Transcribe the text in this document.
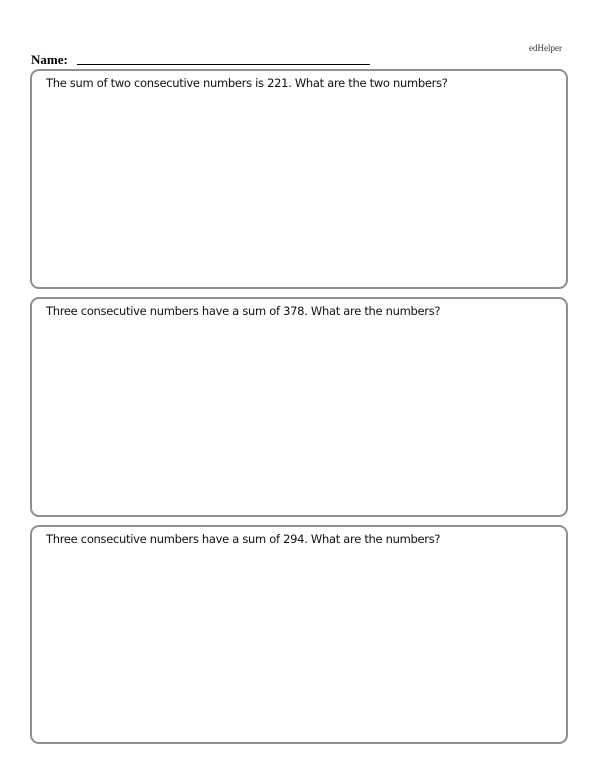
edHelper
Name:
The sum of two consecutive numbers is 221. What are the two numbers?
Three consecutive numbers have a sum of 378. What are the numbers?
Three consecutive numbers have a sum of 294. What are the numbers?
